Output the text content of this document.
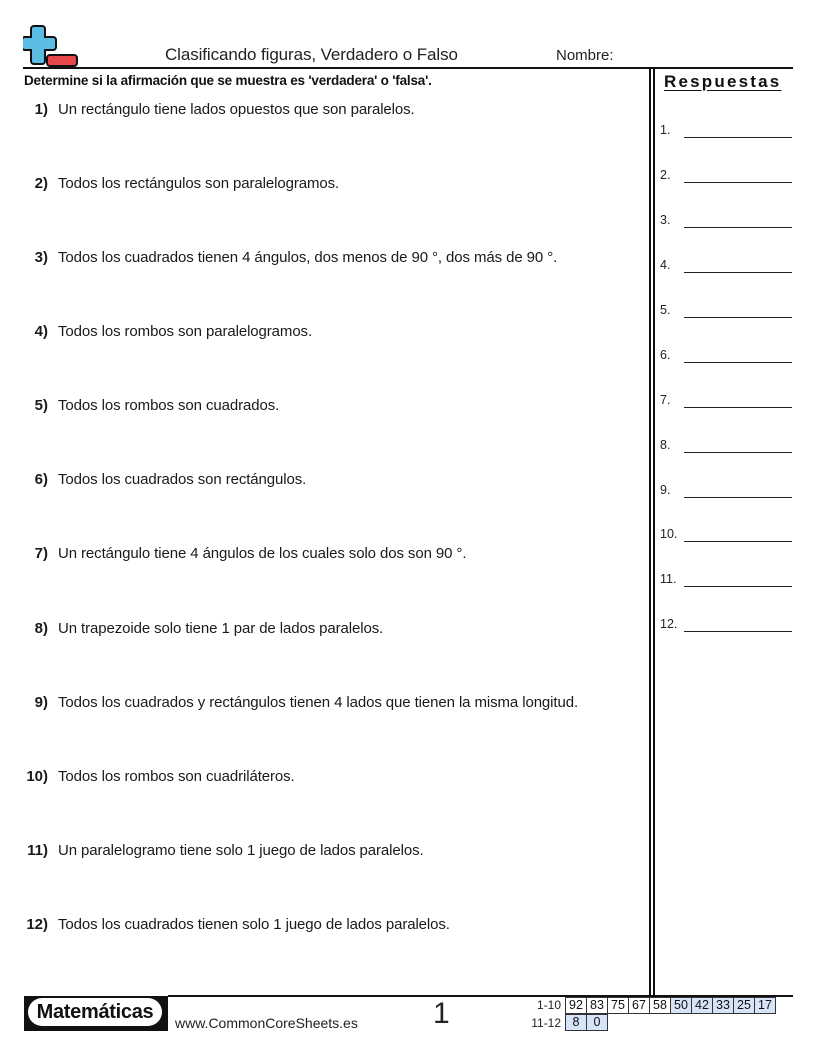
Clasificando figuras, Verdadero o Falso	Nombre:
Determine si la afirmación que se muestra es 'verdadera' o 'falsa'.	Respuestas
1.
2.
3.
4.
5.
6.
7.
8.
9.
10.
11.
12.
1) Un rectángulo tiene lados opuestos que son paralelos.
2) Todos los rectángulos son paralelogramos.
3) Todos los cuadrados tienen 4 ángulos, dos menos de 90 °, dos más de 90 °.
4) Todos los rombos son paralelogramos.
5) Todos los rombos son cuadrados.
6) Todos los cuadrados son rectángulos.
7) Un rectángulo tiene 4 ángulos de los cuales solo dos son 90 °.
8) Un trapezoide solo tiene 1 par de lados paralelos.
9) Todos los cuadrados y rectángulos tienen 4 lados que tienen la misma longitud.
10) Todos los rombos son cuadriláteros.
11) Un paralelogramo tiene solo 1 juego de lados paralelos.
12) Todos los cuadrados tienen solo 1 juego de lados paralelos.
Matemáticas
www.CommonCoreSheets.es	1	1-10 92	83	75	67	58	50	42	33	25	17
11-12 8	0
